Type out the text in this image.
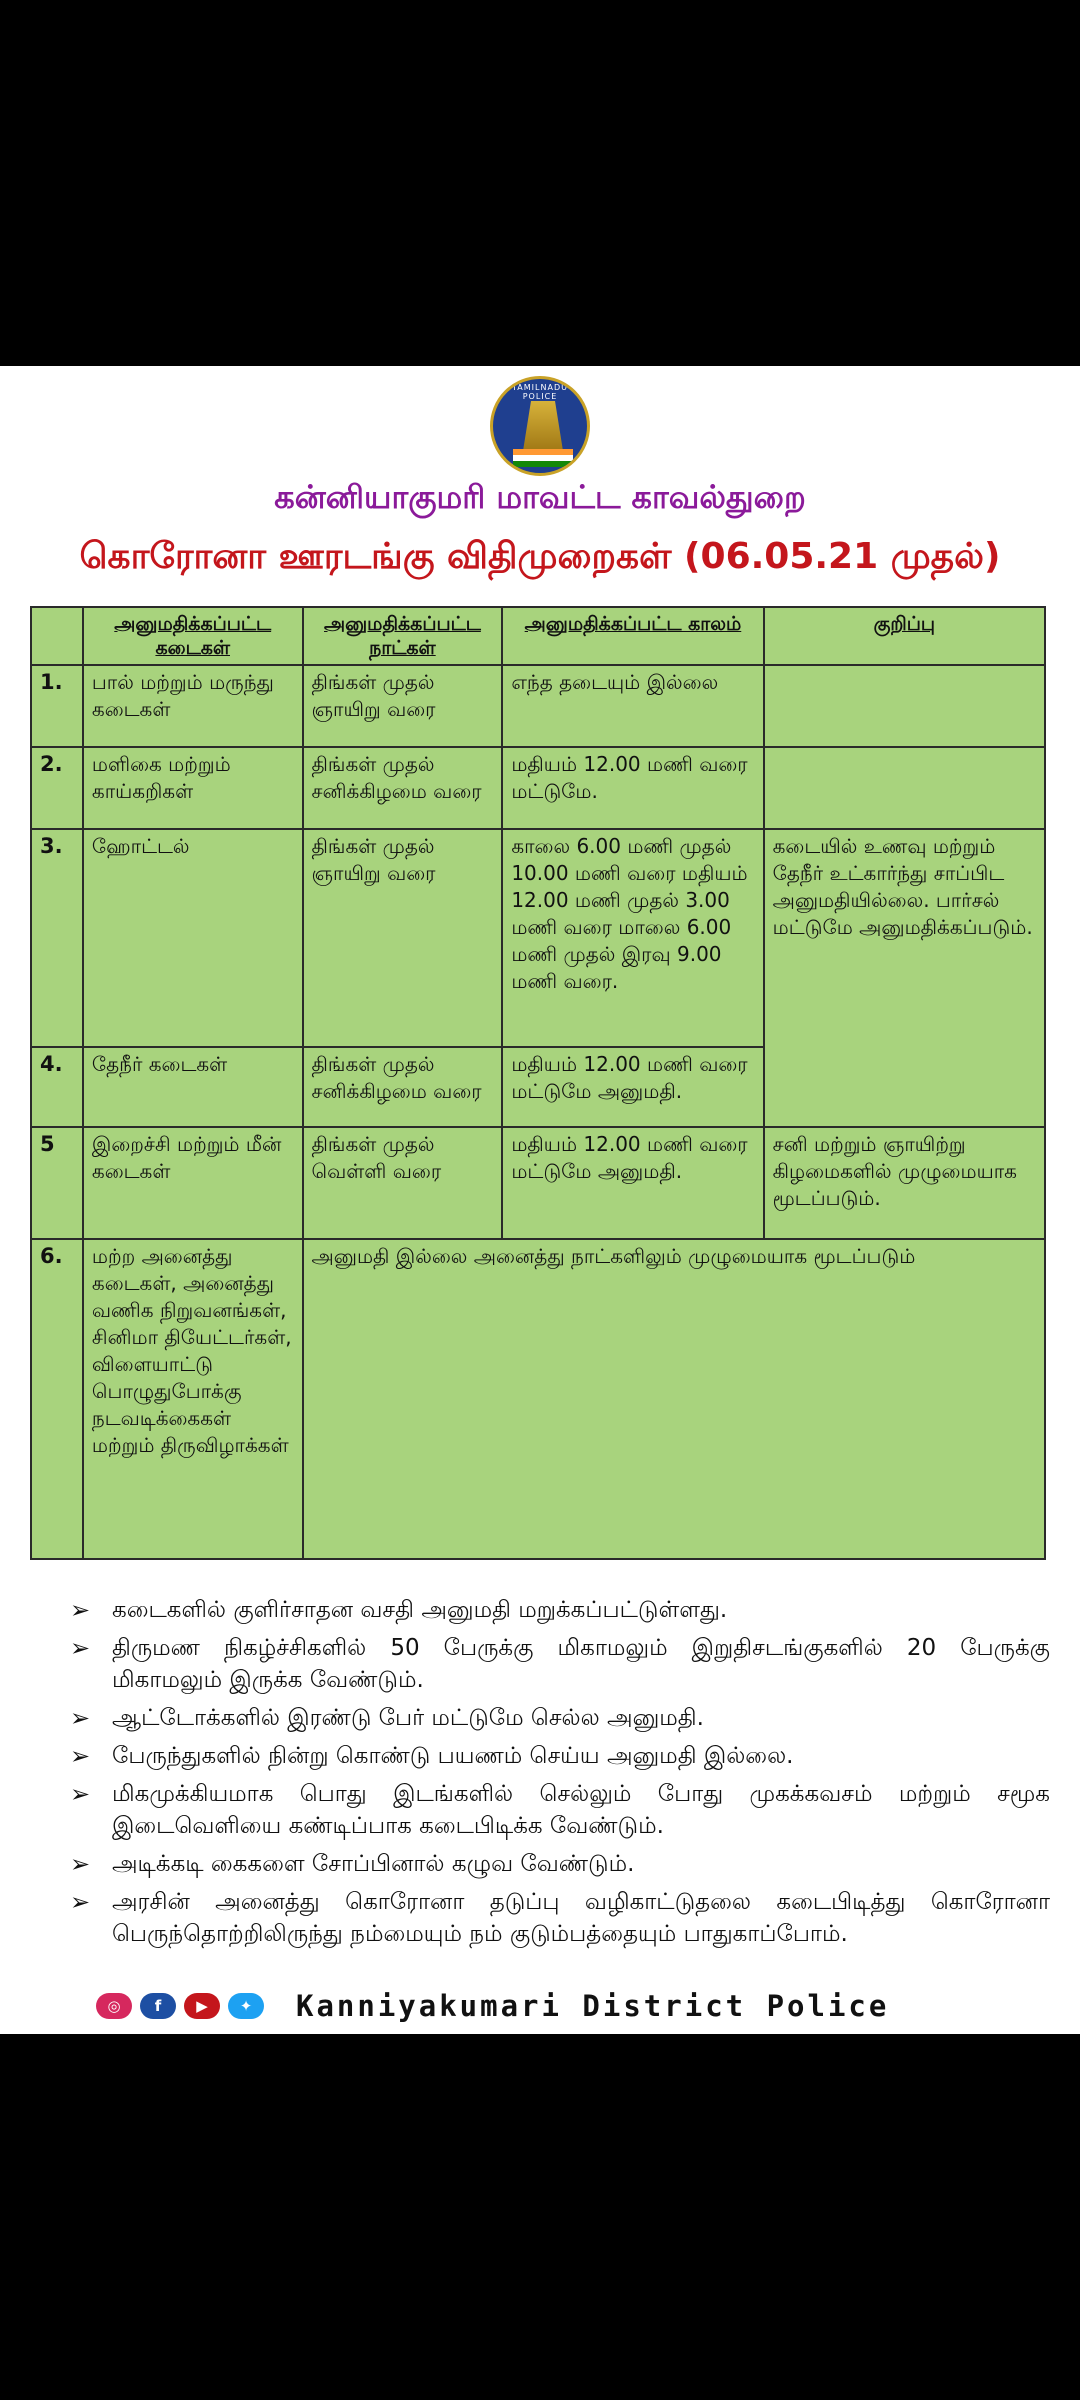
TAMILNADU POLICE
கன்னியாகுமரி மாவட்ட காவல்துறை
கொரோனா ஊரடங்கு விதிமுறைகள் (06.05.21 முதல்)
	அனுமதிக்கப்பட்ட கடைகள்	அனுமதிக்கப்பட்ட நாட்கள்	அனுமதிக்கப்பட்ட காலம்	குறிப்பு
1.	பால் மற்றும் மருந்து கடைகள்	திங்கள் முதல் ஞாயிறு வரை	எந்த தடையும் இல்லை	
2.	மளிகை மற்றும் காய்கறிகள்	திங்கள் முதல் சனிக்கிழமை வரை	மதியம் 12.00 மணி வரை மட்டுமே.	
3.	ஹோட்டல்	திங்கள் முதல் ஞாயிறு வரை	காலை 6.00 மணி முதல் 10.00 மணி வரை மதியம் 12.00 மணி முதல் 3.00 மணி வரை மாலை 6.00 மணி முதல் இரவு 9.00 மணி வரை.	கடையில் உணவு மற்றும் தேநீர் உட்கார்ந்து சாப்பிட அனுமதியில்லை. பார்சல் மட்டுமே அனுமதிக்கப்படும்.
4.	தேநீர் கடைகள்	திங்கள் முதல் சனிக்கிழமை வரை	மதியம் 12.00 மணி வரை மட்டுமே அனுமதி.	
5	இறைச்சி மற்றும் மீன் கடைகள்	திங்கள் முதல் வெள்ளி வரை	மதியம் 12.00 மணி வரை மட்டுமே அனுமதி.	சனி மற்றும் ஞாயிற்று கிழமைகளில் முழுமையாக மூடப்படும்.
6.	மற்ற அனைத்து கடைகள், அனைத்து வணிக நிறுவனங்கள், சினிமா தியேட்டர்கள், விளையாட்டு பொழுதுபோக்கு நடவடிக்கைகள் மற்றும் திருவிழாக்கள்	அனுமதி இல்லை அனைத்து நாட்களிலும் முழுமையாக மூடப்படும்		
➢ கடைகளில் குளிர்சாதன வசதி அனுமதி மறுக்கப்பட்டுள்ளது.
➢ திருமண நிகழ்ச்சிகளில் 50 பேருக்கு மிகாமலும் இறுதிசடங்குகளில் 20 பேருக்கு மிகாமலும் இருக்க வேண்டும்.
➢ ஆட்டோக்களில் இரண்டு பேர் மட்டுமே செல்ல அனுமதி.
➢ பேருந்துகளில் நின்று கொண்டு பயணம் செய்ய அனுமதி இல்லை.
➢ மிகமுக்கியமாக பொது இடங்களில் செல்லும் போது முகக்கவசம் மற்றும் சமூக இடைவெளியை கண்டிப்பாக கடைபிடிக்க வேண்டும்.
➢ அடிக்கடி கைகளை சோப்பினால் கழுவ வேண்டும்.
➢ அரசின் அனைத்து கொரோனா தடுப்பு வழிகாட்டுதலை கடைபிடித்து கொரோனா பெருந்தொற்றிலிருந்து நம்மையும் நம் குடும்பத்தையும் பாதுகாப்போம்.
◎	f	▶	✦	Kanniyakumari District Police
